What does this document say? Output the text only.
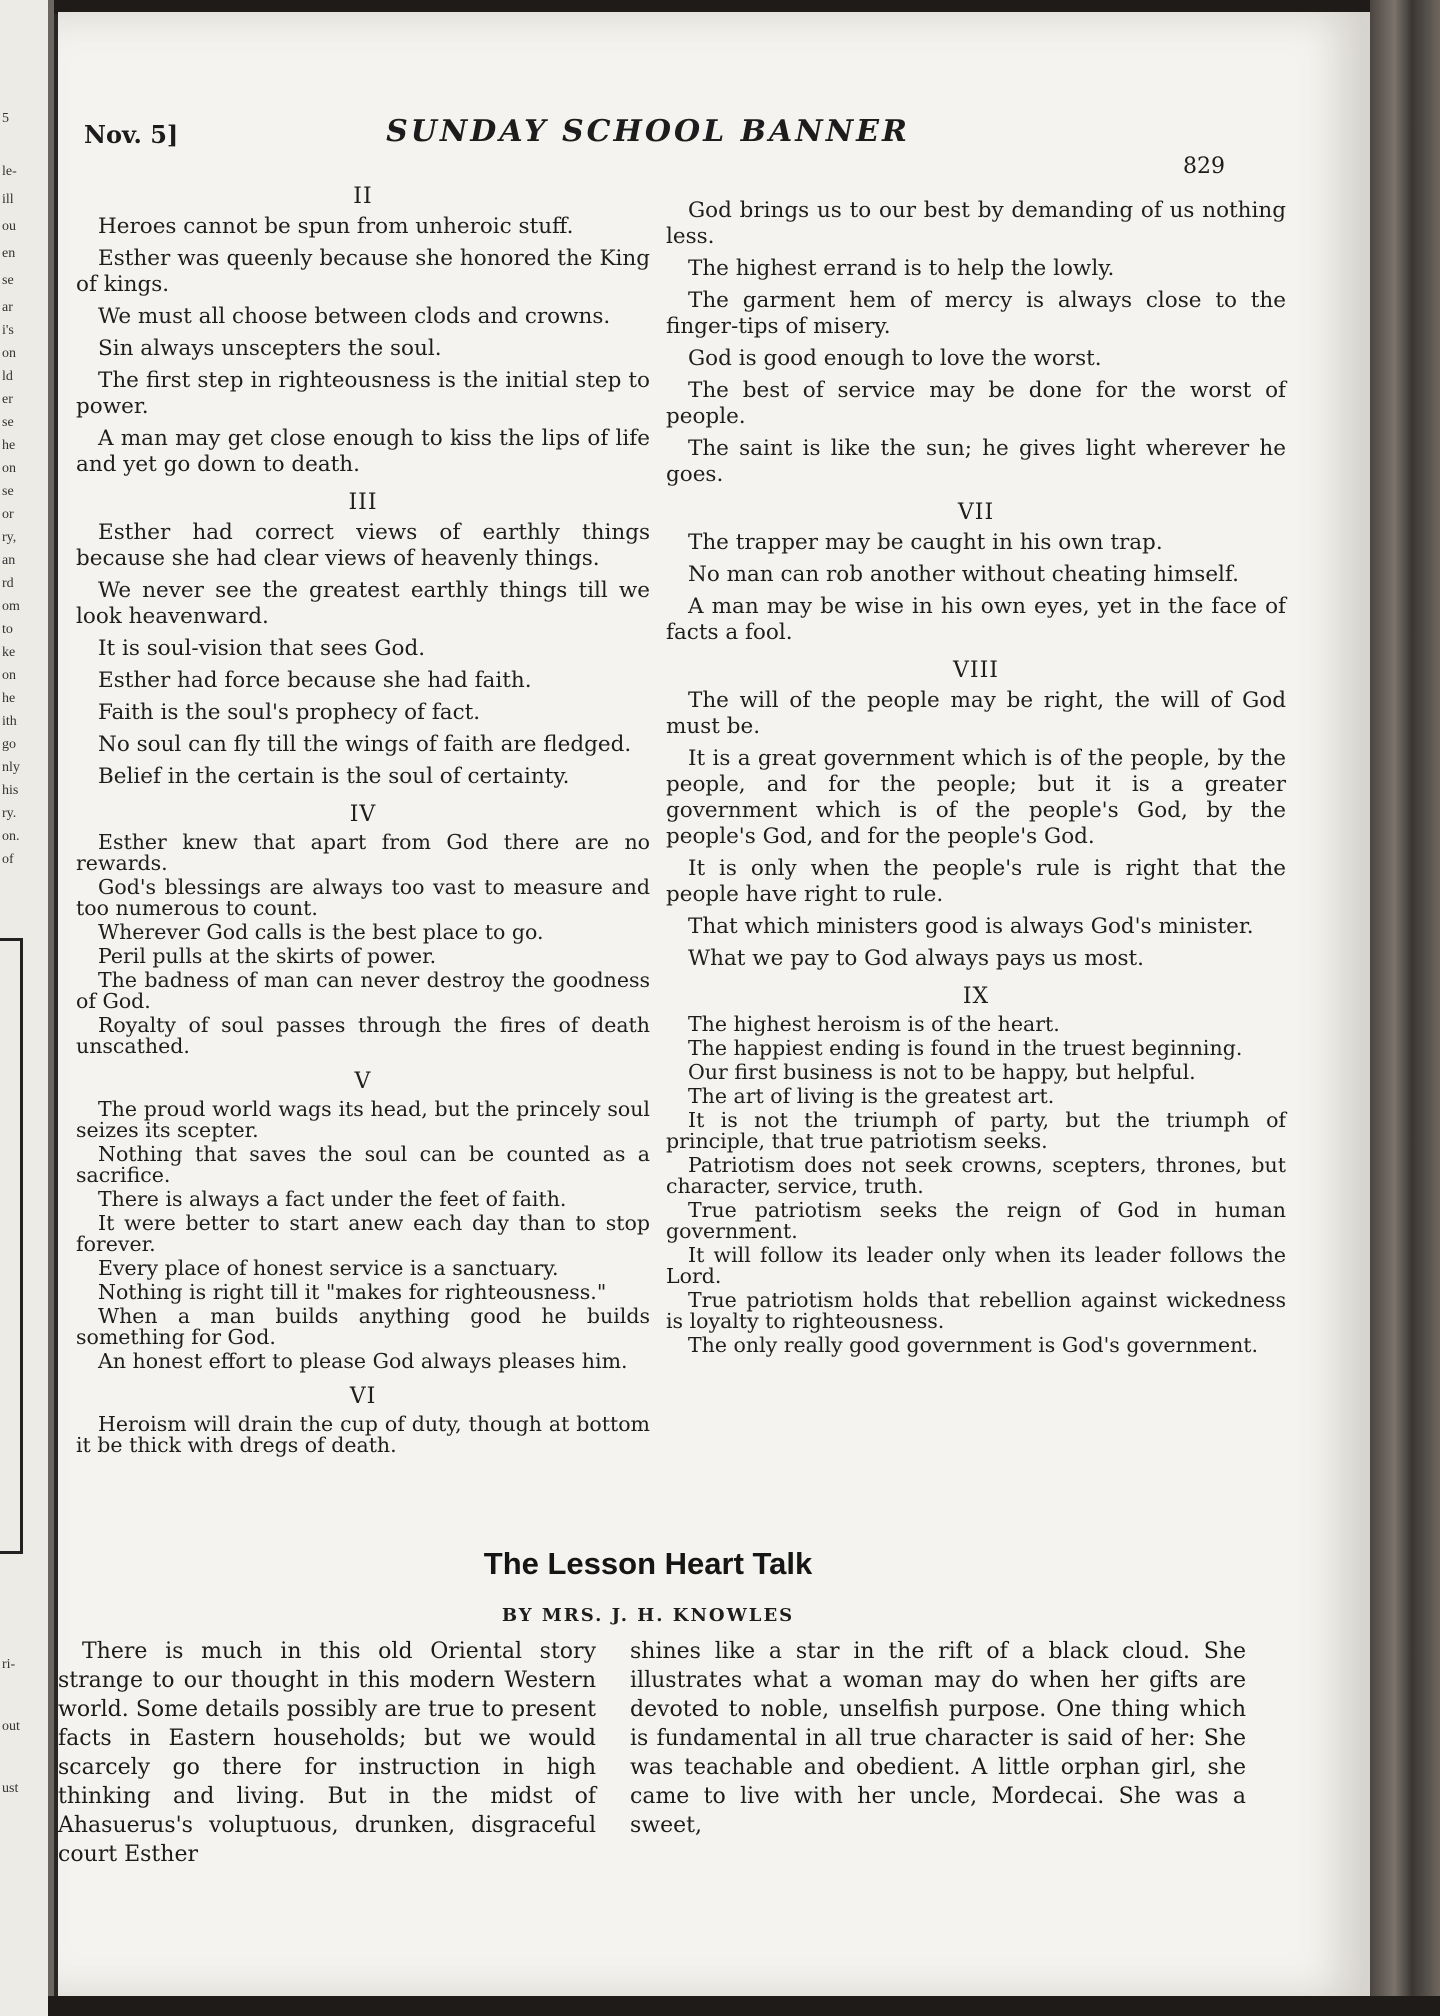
5
le-
ill
ou
en
se
ar
i's
on
ld
er
se
he
on
se
or
ry,
an
rd
om
to
ke
on
he
ith
go
nly
his
ry.
on.
of
ri-
out
ust
Nov. 5]	SUNDAY SCHOOL BANNER
829
II

Heroes cannot be spun from unheroic stuff.

Esther was queenly because she honored the King of kings.

We must all choose between clods and crowns.

Sin always unscepters the soul.

The first step in righteousness is the initial step to power.

A man may get close enough to kiss the lips of life and yet go down to death.

III

Esther had correct views of earthly things because she had clear views of heavenly things.

We never see the greatest earthly things till we look heavenward.

It is soul-vision that sees God.

Esther had force because she had faith.

Faith is the soul's prophecy of fact.

No soul can fly till the wings of faith are fledged.

Belief in the certain is the soul of certainty.

IV

Esther knew that apart from God there are no rewards.

God's blessings are always too vast to measure and too numerous to count.

Wherever God calls is the best place to go.

Peril pulls at the skirts of power.

The badness of man can never destroy the goodness of God.

Royalty of soul passes through the fires of death unscathed.

V

The proud world wags its head, but the princely soul seizes its scepter.

Nothing that saves the soul can be counted as a sacrifice.

There is always a fact under the feet of faith.

It were better to start anew each day than to stop forever.

Every place of honest service is a sanctuary.

Nothing is right till it "makes for righteousness."

When a man builds anything good he builds something for God.

An honest effort to please God always pleases him.

VI

Heroism will drain the cup of duty, though at bottom it be thick with dregs of death.

God brings us to our best by demanding of us nothing less.

The highest errand is to help the lowly.

The garment hem of mercy is always close to the finger-tips of misery.

God is good enough to love the worst.

The best of service may be done for the worst of people.

The saint is like the sun; he gives light wherever he goes.

VII

The trapper may be caught in his own trap.

No man can rob another without cheating himself.

A man may be wise in his own eyes, yet in the face of facts a fool.

VIII

The will of the people may be right, the will of God must be.

It is a great government which is of the people, by the people, and for the people; but it is a greater government which is of the people's God, by the people's God, and for the people's God.

It is only when the people's rule is right that the people have right to rule.

That which ministers good is always God's minister.

What we pay to God always pays us most.

IX

The highest heroism is of the heart.

The happiest ending is found in the truest beginning.

Our first business is not to be happy, but helpful.

The art of living is the greatest art.

It is not the triumph of party, but the triumph of principle, that true patriotism seeks.

Patriotism does not seek crowns, scepters, thrones, but character, service, truth.

True patriotism seeks the reign of God in human government.

It will follow its leader only when its leader follows the Lord.

True patriotism holds that rebellion against wickedness is loyalty to righteousness.

The only really good government is God's government.

The Lesson Heart Talk
BY MRS. J. H. KNOWLES
There is much in this old Oriental story strange to our thought in this modern Western world. Some details possibly are true to present facts in Eastern households; but we would scarcely go there for instruction in high thinking and living. But in the midst of Ahasuerus's voluptuous, drunken, disgraceful court Esther
shines like a star in the rift of a black cloud. She illustrates what a woman may do when her gifts are devoted to noble, unselfish purpose. One thing which is fundamental in all true character is said of her: She was teachable and obedient. A little orphan girl, she came to live with her uncle, Mordecai. She was a sweet,
